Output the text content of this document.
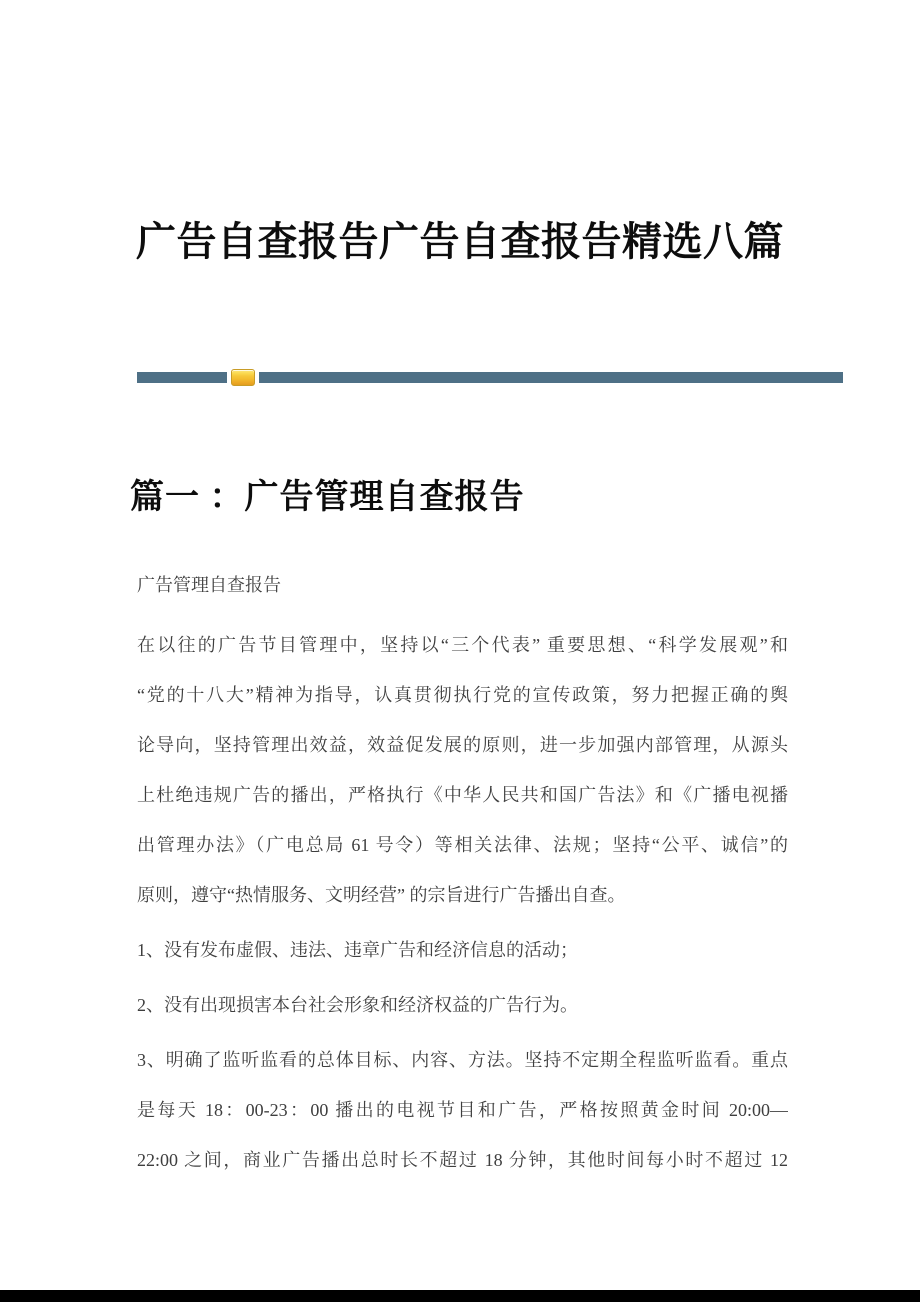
广告自查报告广告自查报告精选八篇
篇一 ：广告管理自查报告
广告管理自查报告
在以往的广告节目管理中，坚持以“三个代表” 重要思想、“科学发展观”和
“党的十八大”精神为指导，认真贯彻执行党的宣传政策，努力把握正确的舆
论导向，坚持管理出效益，效益促发展的原则，进一步加强内部管理，从源头
上杜绝违规广告的播出，严格执行《中华人民共和国广告法》和《广播电视播
出管理办法》（广电总局 61 号令）等相关法律、法规；坚持“公平、诚信”的
原则，遵守“热情服务、文明经营” 的宗旨进行广告播出自查。
1、没有发布虚假、违法、违章广告和经济信息的活动；
2、没有出现损害本台社会形象和经济权益的广告行为。
3、明确了监听监看的总体目标、内容、方法。坚持不定期全程监听监看。重点
是每天 18：00-23：00 播出的电视节目和广告，严格按照黄金时间 20:00—
22:00 之间，商业广告播出总时长不超过 18 分钟，其他时间每小时不超过 12
